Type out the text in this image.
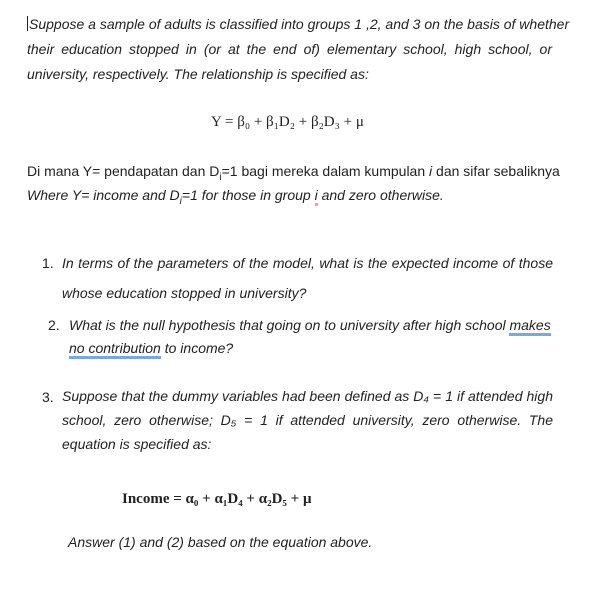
Suppose a sample of adults is classified into groups 1 ,2, and 3 on the basis of whether
their education stopped in (or at the end of) elementary school, high school, or
university, respectively. The relationship is specified as:
Y = β₀ + β₁D₂ + β₂D₃ + μ
Di mana Y= pendapatan dan $D_i=1$ bagi mereka dalam kumpulan i dan sifar sebaliknya
Where Y= income and $D_i=1$ for those in group i and zero otherwise.
1. In terms of the parameters of the model, what is the expected income of those
whose education stopped in university?
2. What is the null hypothesis that going on to university after high school makes
no contribution to income?
3. Suppose that the dummy variables had been defined as D₄ = 1 if attended high
school, zero otherwise; D₅ = 1 if attended university, zero otherwise. The
equation is specified as:
Income = α₀ + α₁D₄ + α₂D₅ + μ
Answer (1) and (2) based on the equation above.
